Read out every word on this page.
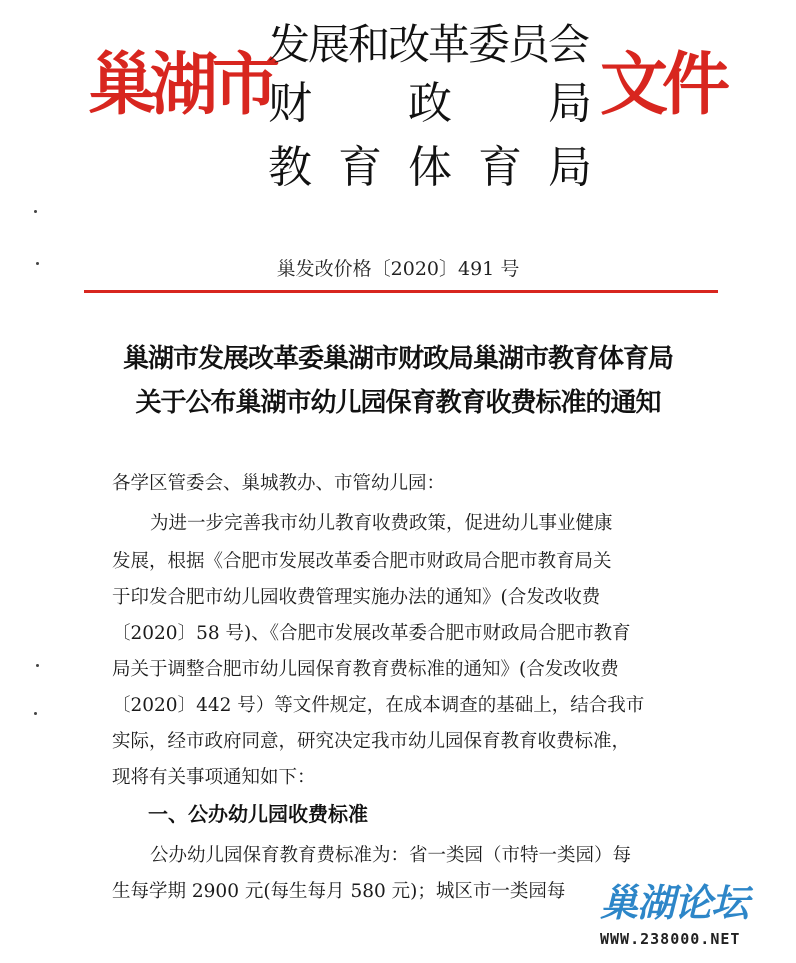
巢湖市
发展和改革委员会
财 政 局
教 育 体 育 局
文件
巢发改价格〔2020〕491 号
巢湖市发展改革委巢湖市财政局巢湖市教育体育局
关于公布巢湖市幼儿园保育教育收费标准的通知
各学区管委会、巢城教办、市管幼儿园：
为进一步完善我市幼儿教育收费政策，促进幼儿事业健康
发展，根据《合肥市发展改革委合肥市财政局合肥市教育局关
于印发合肥市幼儿园收费管理实施办法的通知》(合发改收费
〔2020〕58 号)、《合肥市发展改革委合肥市财政局合肥市教育
局关于调整合肥市幼儿园保育教育费标准的通知》(合发改收费
〔2020〕442 号）等文件规定，在成本调查的基础上，结合我市
实际，经市政府同意，研究决定我市幼儿园保育教育收费标准，
现将有关事项通知如下：
一、公办幼儿园收费标准
公办幼儿园保育教育费标准为：省一类园（市特一类园）每
生每学期 2900 元(每生每月 580 元)；城区市一类园每 巢湖论坛
WWW.238000.NET
